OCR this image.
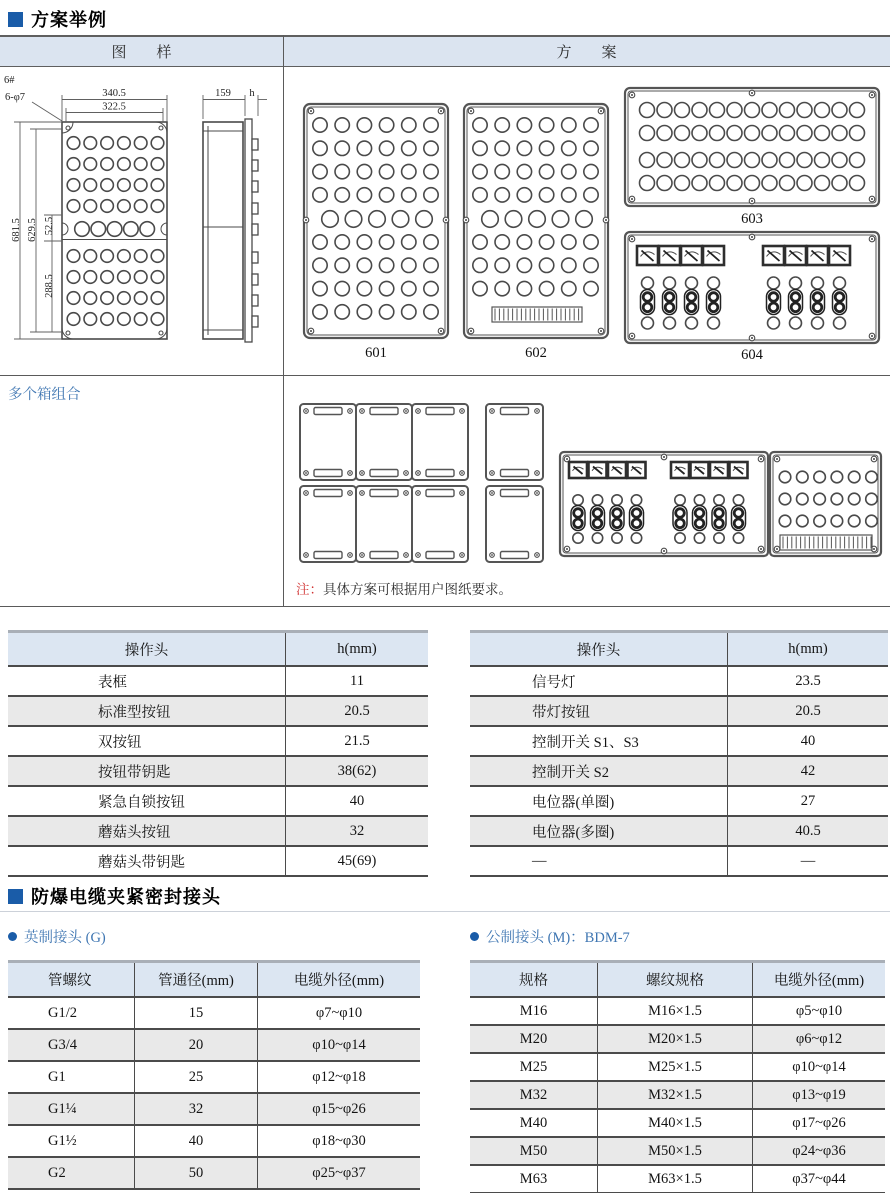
方案举例
图　　样	方　　案
6#
340.5
322.5
6-φ7
681.5 629.5 52.5
288.5
159 h
601	602
603
604
多个箱组合
注：具体方案可根据用户图纸要求。
操作头	h(mm)
表框	11
标准型按钮	20.5
双按钮	21.5
按钮带钥匙	38(62)
紧急自锁按钮	40
蘑菇头按钮	32
蘑菇头带钥匙	45(69)
操作头	h(mm)
信号灯	23.5
带灯按钮	20.5
控制开关 S1、S3	40
控制开关 S2	42
电位器(单圈)	27
电位器(多圈)	40.5
—	—
防爆电缆夹紧密封接头
英制接头 (G)	公制接头 (M)：BDM-7
管螺纹	管通径(mm)	电缆外径(mm)
G1/2	15	φ7~φ10
G3/4	20	φ10~φ14
G1	25	φ12~φ18
G1¼	32	φ15~φ26
G1½	40	φ18~φ30
G2	50	φ25~φ37
规格	螺纹规格	电缆外径(mm)
M16	M16×1.5	φ5~φ10
M20	M20×1.5	φ6~φ12
M25	M25×1.5	φ10~φ14
M32	M32×1.5	φ13~φ19
M40	M40×1.5	φ17~φ26
M50	M50×1.5	φ24~φ36
M63	M63×1.5	φ37~φ44
